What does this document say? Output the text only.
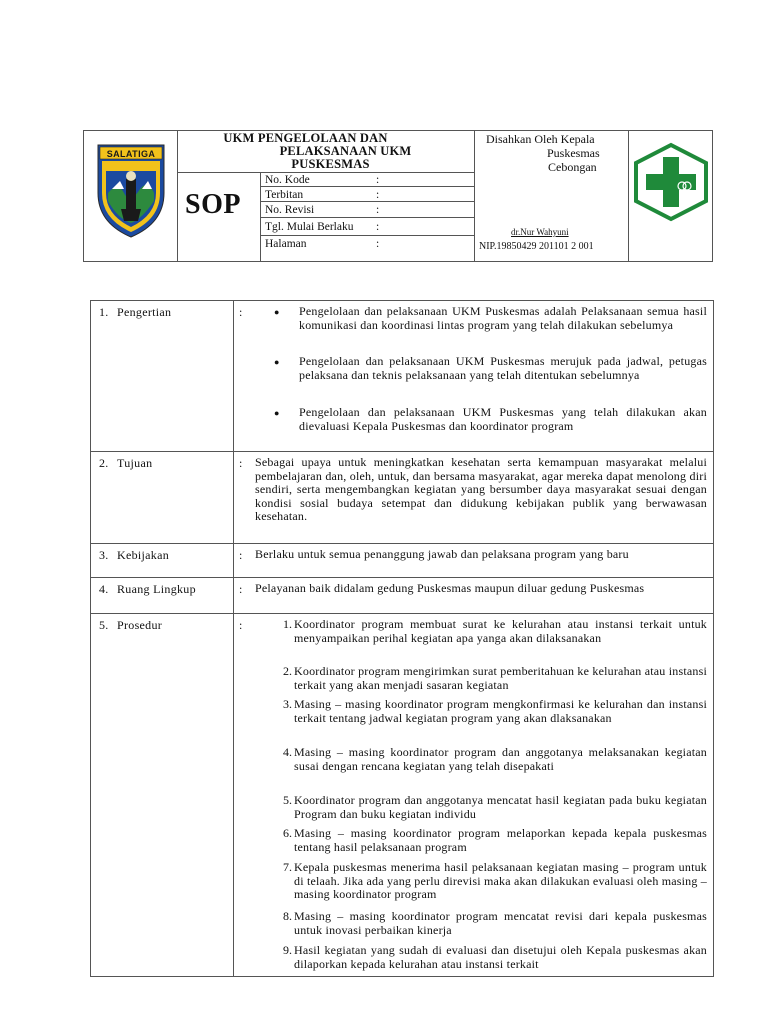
SALATIGA
UKM PENGELOLAAN DAN
PELAKSANAAN UKM
PUSKESMAS
SOP
No. Kode	:
Terbitan	:
No. Revisi	:
Tgl. Mulai Berlaku :
Halaman	:
Disahkan Oleh Kepala
Puskesmas
Cebongan
dr.Nur Wahyuni
NIP.19850429 201101 2 001
1. Pengertian	:	● Pengelolaan dan pelaksanaan UKM Puskesmas adalah Pelaksanaan semua hasil komunikasi dan koordinasi lintas program yang telah dilakukan sebelumya
● Pengelolaan dan pelaksanaan UKM Puskesmas merujuk pada jadwal, petugas pelaksana dan teknis pelaksanaan yang telah ditentukan sebelumnya
● Pengelolaan dan pelaksanaan UKM Puskesmas yang telah dilakukan akan dievaluasi Kepala Puskesmas dan koordinator program
2. Tujuan	: Sebagai upaya untuk meningkatkan kesehatan serta kemampuan masyarakat melalui pembelajaran dan, oleh, untuk, dan bersama masyarakat, agar mereka dapat menolong diri sendiri, serta mengembangkan kegiatan yang bersumber daya masyarakat sesuai dengan kondisi sosial budaya setempat dan didukung kebijakan publik yang berwawasan kesehatan.
3. Kebijakan	: Berlaku untuk semua penanggung jawab dan pelaksana program yang baru
4. Ruang Lingkup	: Pelayanan baik didalam gedung Puskesmas maupun diluar gedung Puskesmas
5. Prosedur	:	1. Koordinator program membuat surat ke kelurahan atau instansi terkait untuk menyampaikan perihal kegiatan apa yanga akan dilaksanakan
2. Koordinator program mengirimkan surat pemberitahuan ke kelurahan atau instansi terkait yang akan menjadi sasaran kegiatan
3. Masing – masing koordinator program mengkonfirmasi ke kelurahan dan instansi terkait tentang jadwal kegiatan program yang akan dlaksanakan
4. Masing – masing koordinator program dan anggotanya melaksanakan kegiatan susai dengan rencana kegiatan yang telah disepakati
5. Koordinator program dan anggotanya mencatat hasil kegiatan pada buku kegiatan Program dan buku kegiatan individu
6. Masing – masing koordinator program melaporkan kepada kepala puskesmas tentang hasil pelaksanaan program
7. Kepala puskesmas menerima hasil pelaksanaan kegiatan masing – program untuk di telaah. Jika ada yang perlu direvisi maka akan dilakukan evaluasi oleh masing – masing koordinator program
8. Masing – masing koordinator program mencatat revisi dari kepala puskesmas untuk inovasi perbaikan kinerja
9. Hasil kegiatan yang sudah di evaluasi dan disetujui oleh Kepala puskesmas akan dilaporkan kepada kelurahan atau instansi terkait
